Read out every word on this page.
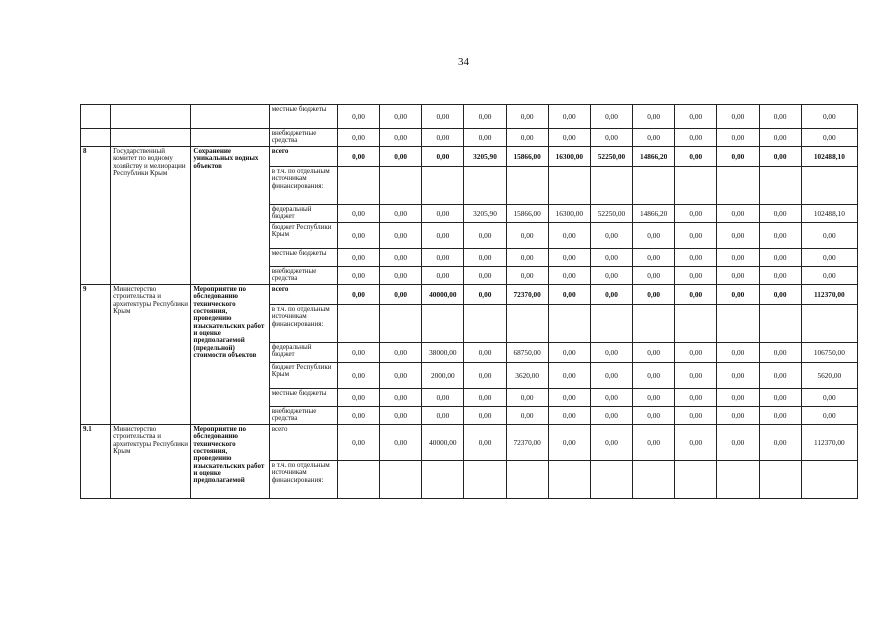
34
			местные бюджеты	0,00	0,00	0,00	0,00	0,00	0,00	0,00	0,00	0,00	0,00	0,00	0,00
			внебюджетные средства	0,00	0,00	0,00	0,00	0,00	0,00	0,00	0,00	0,00	0,00	0,00	0,00
8	Государственный комитет по водному хозяйству и мелиорации Республики Крым	Сохранение уникальных водных объектов	всего	0,00	0,00	0,00	3205,90	15866,00	16300,00	52250,00	14866,20	0,00	0,00	0,00	102488,10
			в т.ч. по отдельным источникам финансирования:												
			федеральный бюджет	0,00	0,00	0,00	3205,90	15866,00	16300,00	52250,00	14866,20	0,00	0,00	0,00	102488,10
			бюджет Республики Крым	0,00	0,00	0,00	0,00	0,00	0,00	0,00	0,00	0,00	0,00	0,00	0,00
			местные бюджеты	0,00	0,00	0,00	0,00	0,00	0,00	0,00	0,00	0,00	0,00	0,00	0,00
			внебюджетные средства	0,00	0,00	0,00	0,00	0,00	0,00	0,00	0,00	0,00	0,00	0,00	0,00
9	Министерство строительства и архитектуры Республики Крым	Мероприятие по обследованию технического состояния, проведению изыскательских работ и оценке предполагаемой (предельной) стоимости объектов	всего	0,00	0,00	40000,00	0,00	72370,00	0,00	0,00	0,00	0,00	0,00	0,00	112370,00
			в т.ч. по отдельным источникам финансирования:												
			федеральный бюджет	0,00	0,00	38000,00	0,00	68750,00	0,00	0,00	0,00	0,00	0,00	0,00	106750,00
			бюджет Республики Крым	0,00	0,00	2000,00	0,00	3620,00	0,00	0,00	0,00	0,00	0,00	0,00	5620,00
			местные бюджеты	0,00	0,00	0,00	0,00	0,00	0,00	0,00	0,00	0,00	0,00	0,00	0,00
			внебюджетные средства	0,00	0,00	0,00	0,00	0,00	0,00	0,00	0,00	0,00	0,00	0,00	0,00
9.1	Министерство строительства и архитектуры Республики Крым	Мероприятие по обследованию технического состояния, проведению изыскательских работ и оценке предполагаемой	всего	0,00	0,00	40000,00	0,00	72370,00	0,00	0,00	0,00	0,00	0,00	0,00	112370,00
			в т.ч. по отдельным источникам финансирования:												
